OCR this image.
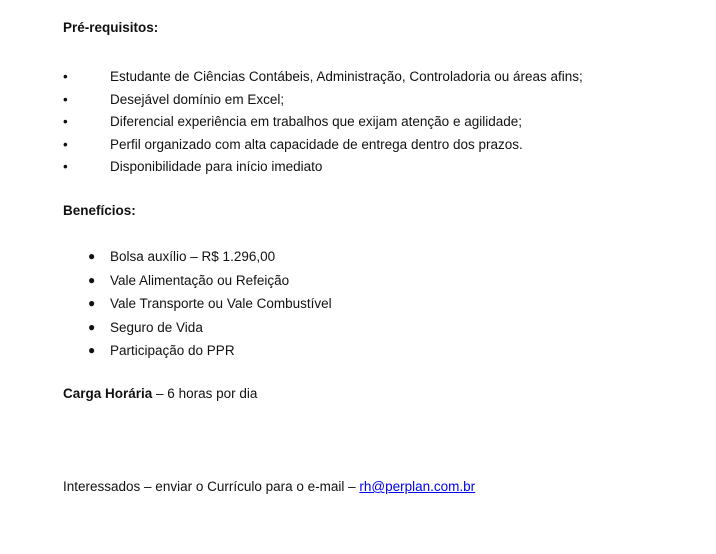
Pré-requisitos:
•	Estudante de Ciências Contábeis, Administração, Controladoria ou áreas afins;
•	Desejável domínio em Excel;
•	Diferencial experiência em trabalhos que exijam atenção e agilidade;
•	Perfil organizado com alta capacidade de entrega dentro dos prazos.
•	Disponibilidade para início imediato
Benefícios:
● Bolsa auxílio – R$ 1.296,00
● Vale Alimentação ou Refeição
● Vale Transporte ou Vale Combustível
● Seguro de Vida
● Participação do PPR
Carga Horária – 6 horas por dia
Interessados – enviar o Currículo para o e-mail – rh@perplan.com.br
